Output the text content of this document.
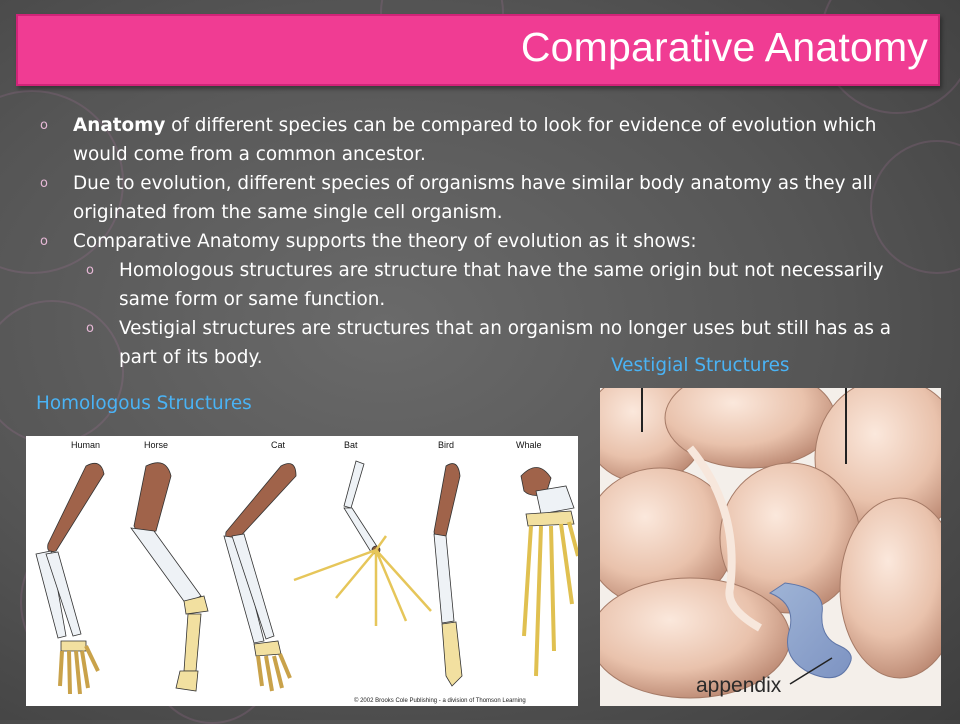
Comparative Anatomy
o Anatomy of different species can be compared to look for evidence of evolution which would come from a common ancestor.
o Due to evolution, different species of organisms have similar body anatomy as they all originated from the same single cell organism.
o Comparative Anatomy supports the theory of evolution as it shows:
o Homologous structures are structure that have the same origin but not necessarily same form or same function.
o Vestigial structures are structures that an organism no longer uses but still has as a part of its body.	Vestigial Structures
Homologous Structures
Human	Horse	Cat	Bat	Bird	Whale
© 2002 Brooks Cole Publishing - a division of Thomson Learning
appendix
